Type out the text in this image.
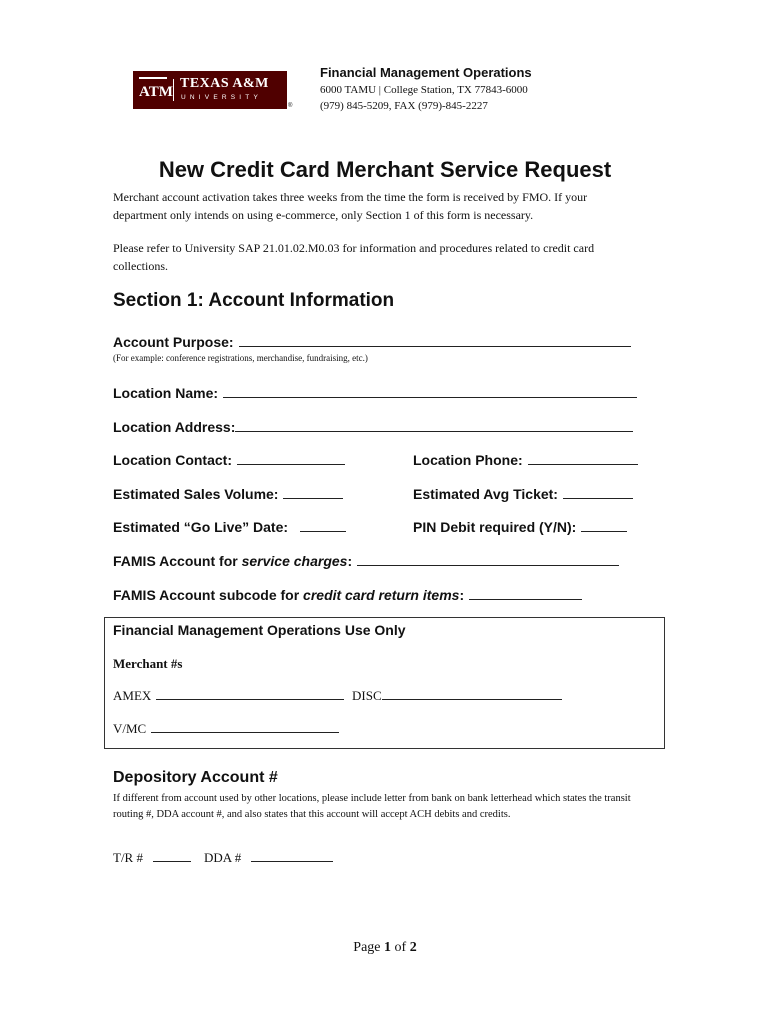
ATM
TEXAS A&M
UNIVERSITY
®
Financial Management Operations
6000 TAMU | College Station, TX 77843-6000
(979) 845-5209, FAX (979)-845-2227
New Credit Card Merchant Service Request
Merchant account activation takes three weeks from the time the form is received by FMO. If your department only intends on using e-commerce, only Section 1 of this form is necessary.
Please refer to University SAP 21.01.02.M0.03 for information and procedures related to credit card collections.
Section 1: Account Information
Account Purpose:
(For example: conference registrations, merchandise, fundraising, etc.)
Location Name:
Location Address:
Location Contact:	Location Phone:
Estimated Sales Volume:	Estimated Avg Ticket:
Estimated “Go Live” Date:	PIN Debit required (Y/N):
FAMIS Account for service charges:
FAMIS Account subcode for credit card return items:
Financial Management Operations Use Only
Merchant #s
AMEX	DISC
V/MC
Depository Account #
If different from account used by other locations, please include letter from bank on bank letterhead which states the transit routing #, DDA account #, and also states that this account will accept ACH debits and credits.
T/R #	DDA #
Page 1 of 2
